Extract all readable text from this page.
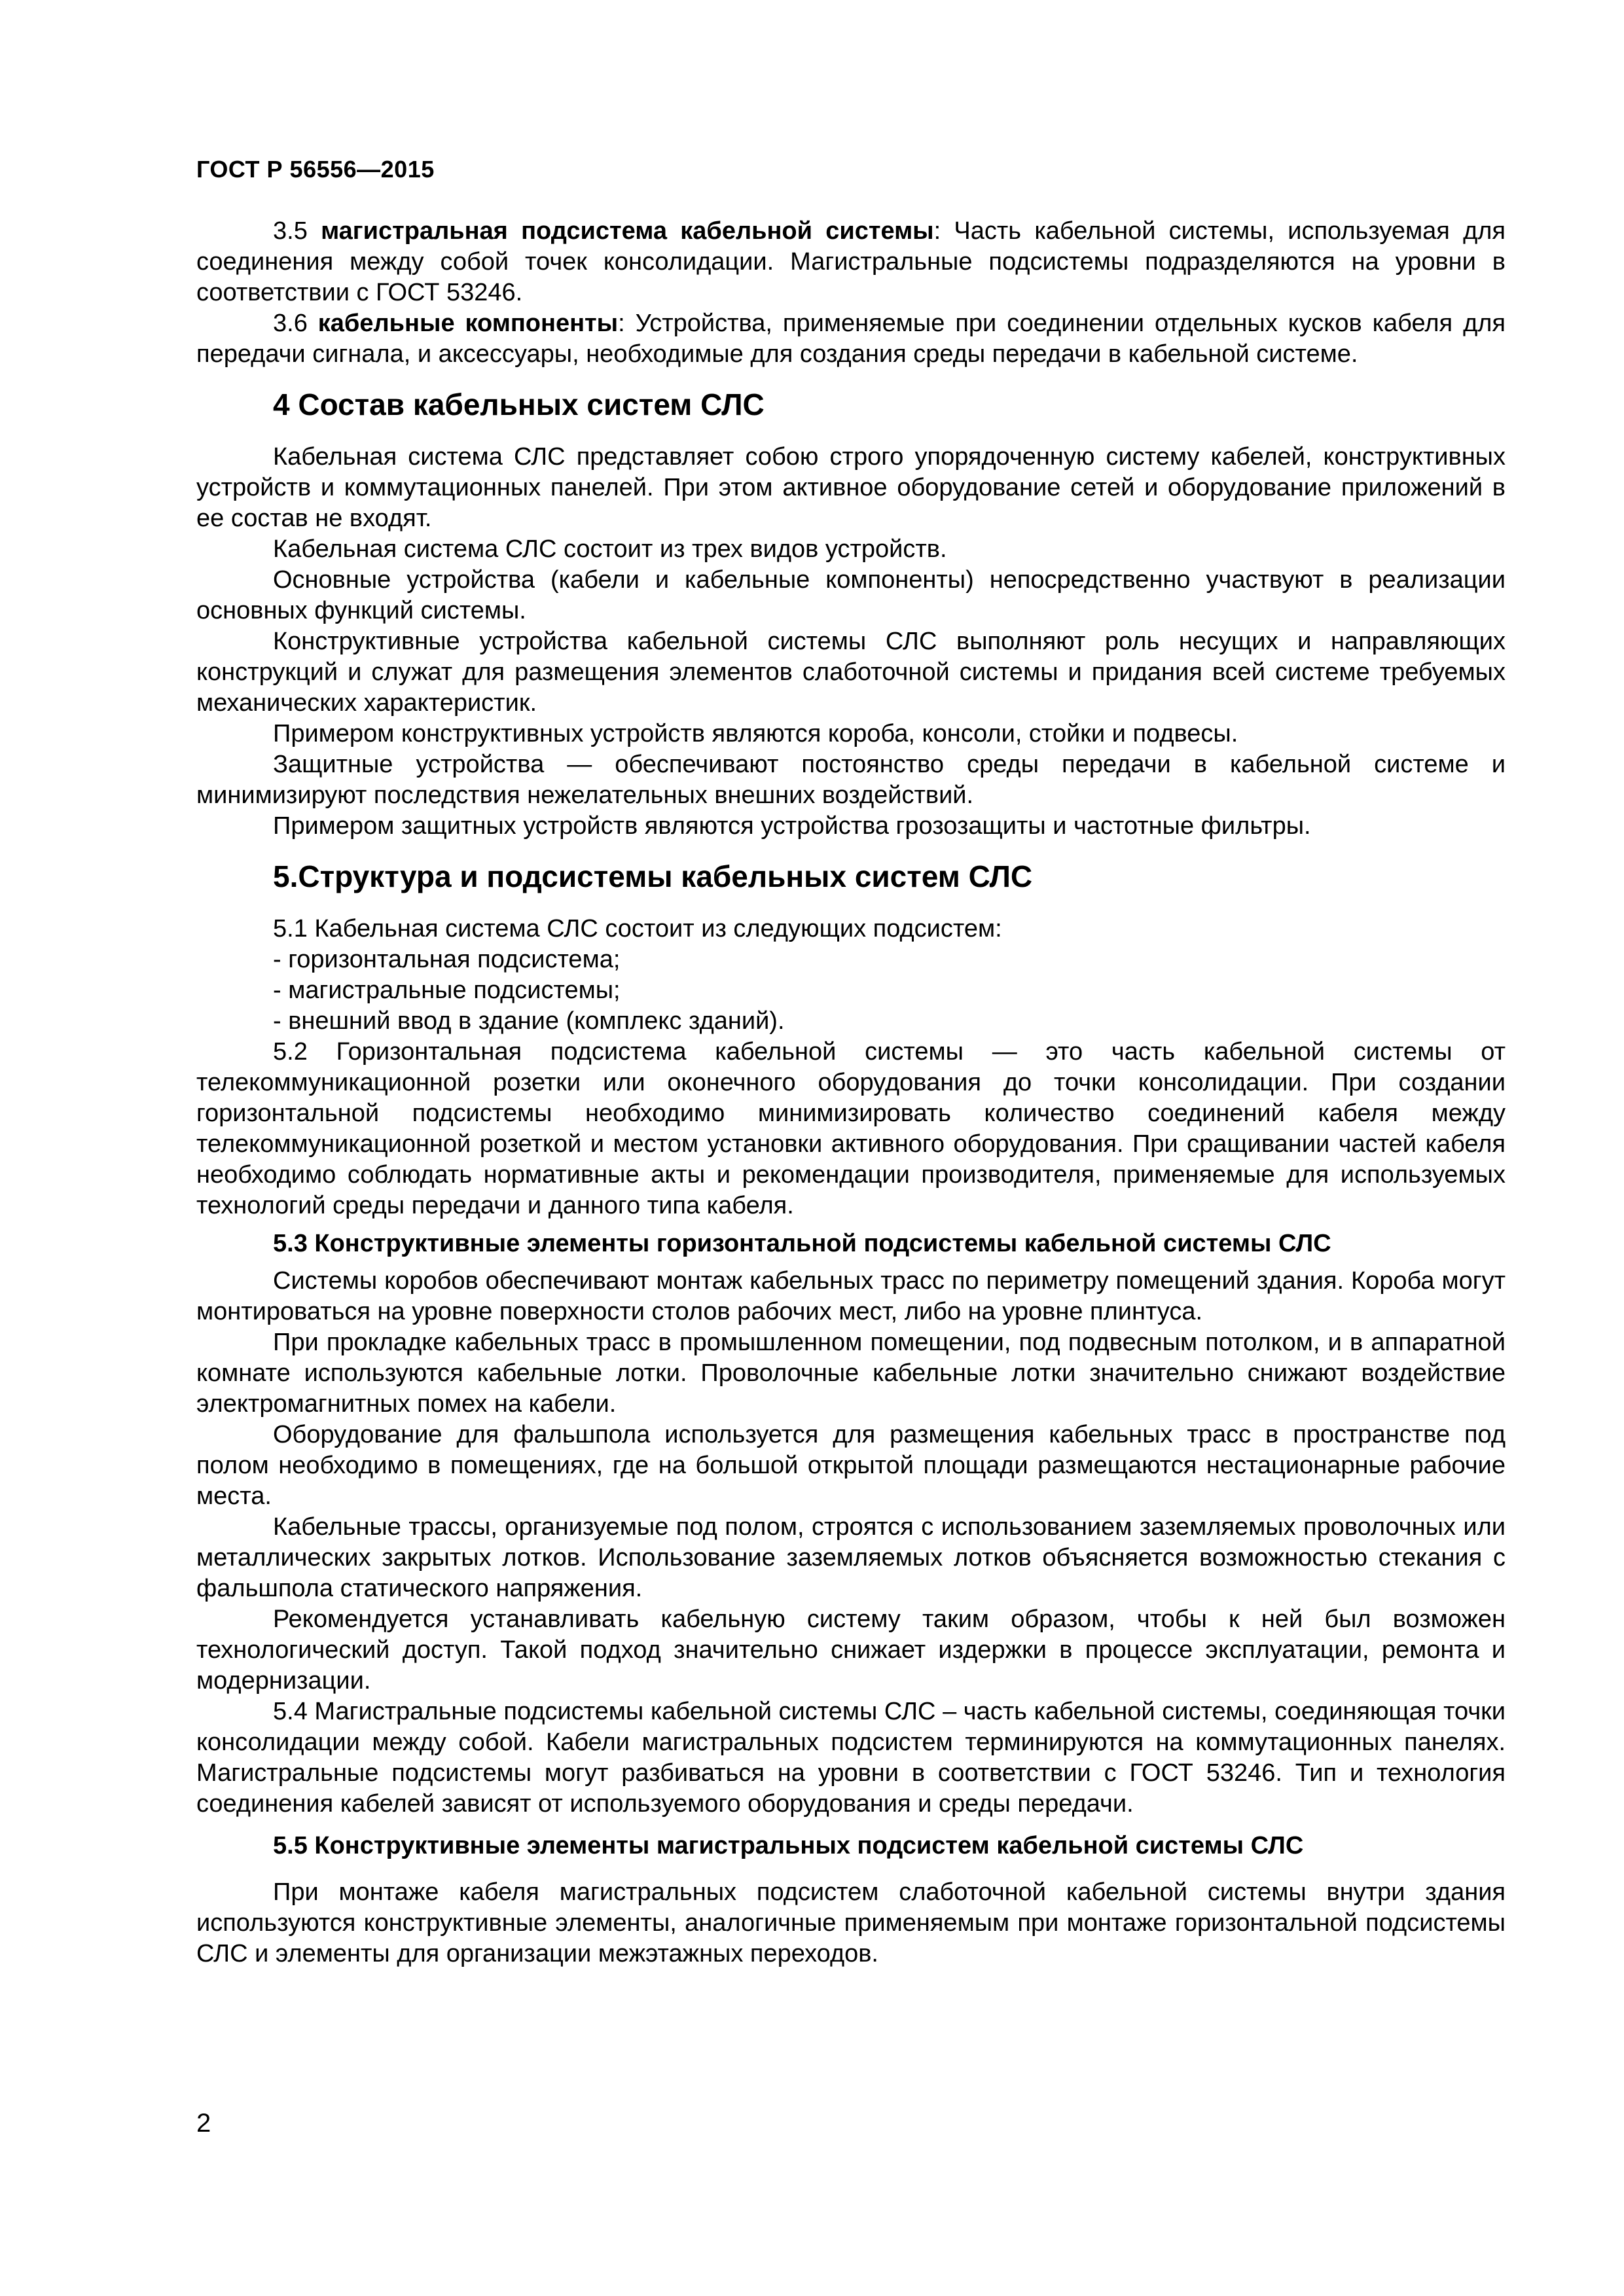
ГОСТ Р 56556—2015

3.5 магистральная подсистема кабельной системы: Часть кабельной системы, используемая для соединения между собой точек консолидации. Магистральные подсистемы подразделяются на уровни в соответствии с ГОСТ 53246.

3.6 кабельные компоненты: Устройства, применяемые при соединении отдельных кусков кабеля для передачи сигнала, и аксессуары, необходимые для создания среды передачи в кабельной системе.

4 Состав кабельных систем СЛС

Кабельная система СЛС представляет собою строго упорядоченную систему кабелей, конструктивных устройств и коммутационных панелей. При этом активное оборудование сетей и оборудование приложений в ее состав не входят.

Кабельная система СЛС состоит из трех видов устройств.

Основные устройства (кабели и кабельные компоненты) непосредственно участвуют в реализации основных функций системы.

Конструктивные устройства кабельной системы СЛС выполняют роль несущих и направляющих конструкций и служат для размещения элементов слаботочной системы и придания всей системе требуемых механических характеристик.

Примером конструктивных устройств являются короба, консоли, стойки и подвесы.

Защитные устройства — обеспечивают постоянство среды передачи в кабельной системе и минимизируют последствия нежелательных внешних воздействий.

Примером защитных устройств являются устройства грозозащиты и частотные фильтры.

5.Структура и подсистемы кабельных систем СЛС

5.1 Кабельная система СЛС состоит из следующих подсистем:

- горизонтальная подсистема;

- магистральные подсистемы;

- внешний ввод в здание (комплекс зданий).

5.2 Горизонтальная подсистема кабельной системы — это часть кабельной системы от телекоммуникационной розетки или оконечного оборудования до точки консолидации. При создании горизонтальной подсистемы необходимо минимизировать количество соединений кабеля между телекоммуникационной розеткой и местом установки активного оборудования. При сращивании частей кабеля необходимо соблюдать нормативные акты и рекомендации производителя, применяемые для используемых технологий среды передачи и данного типа кабеля.

5.3 Конструктивные элементы горизонтальной подсистемы кабельной системы СЛС

Системы коробов обеспечивают монтаж кабельных трасс по периметру помещений здания. Короба могут монтироваться на уровне поверхности столов рабочих мест, либо на уровне плинтуса.

При прокладке кабельных трасс в промышленном помещении, под подвесным потолком, и в аппаратной комнате используются кабельные лотки. Проволочные кабельные лотки значительно снижают воздействие электромагнитных помех на кабели.

Оборудование для фальшпола используется для размещения кабельных трасс в пространстве под полом необходимо в помещениях, где на большой открытой площади размещаются нестационарные рабочие места.

Кабельные трассы, организуемые под полом, строятся с использованием заземляемых проволочных или металлических закрытых лотков. Использование заземляемых лотков объясняется возможностью стекания с фальшпола статического напряжения.

Рекомендуется устанавливать кабельную систему таким образом, чтобы к ней был возможен технологический доступ. Такой подход значительно снижает издержки в процессе эксплуатации, ремонта и модернизации.

5.4 Магистральные подсистемы кабельной системы СЛС – часть кабельной системы, соединяющая точки консолидации между собой. Кабели магистральных подсистем терминируются на коммутационных панелях. Магистральные подсистемы могут разбиваться на уровни в соответствии с ГОСТ 53246. Тип и технология соединения кабелей зависят от используемого оборудования и среды передачи.

5.5 Конструктивные элементы магистральных подсистем кабельной системы СЛС

При монтаже кабеля магистральных подсистем слаботочной кабельной системы внутри здания используются конструктивные элементы, аналогичные применяемым при монтаже горизонтальной подсистемы СЛС и элементы для организации межэтажных переходов.

2
